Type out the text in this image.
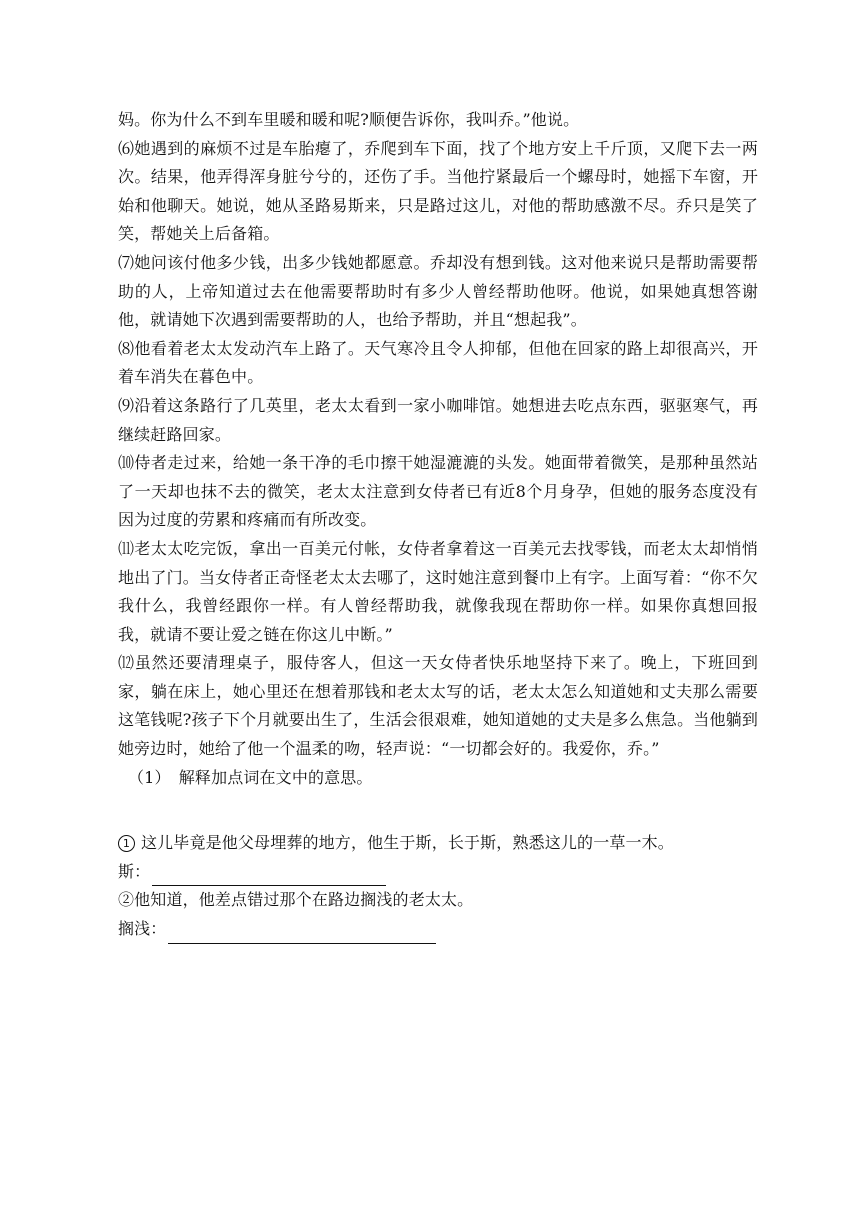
妈。你为什么不到车里暖和暖和呢?顺便告诉你，我叫乔。”他说。

⑹她遇到的麻烦不过是车胎瘪了，乔爬到车下面，找了个地方安上千斤顶，又爬下去一两次。结果，他弄得浑身脏兮兮的，还伤了手。当他拧紧最后一个螺母时，她摇下车窗，开始和他聊天。她说，她从圣路易斯来，只是路过这儿，对他的帮助感激不尽。乔只是笑了笑，帮她关上后备箱。

⑺她问该付他多少钱，出多少钱她都愿意。乔却没有想到钱。这对他来说只是帮助需要帮助的人，上帝知道过去在他需要帮助时有多少人曾经帮助他呀。他说，如果她真想答谢他，就请她下次遇到需要帮助的人，也给予帮助，并且“想起我”。

⑻他看着老太太发动汽车上路了。天气寒冷且令人抑郁，但他在回家的路上却很高兴，开着车消失在暮色中。

⑼沿着这条路行了几英里，老太太看到一家小咖啡馆。她想进去吃点东西，驱驱寒气，再继续赶路回家。

⑽侍者走过来，给她一条干净的毛巾擦干她湿漉漉的头发。她面带着微笑，是那种虽然站了一天却也抹不去的微笑，老太太注意到女侍者已有近8个月身孕，但她的服务态度没有因为过度的劳累和疼痛而有所改变。

⑾老太太吃完饭，拿出一百美元付帐，女侍者拿着这一百美元去找零钱，而老太太却悄悄地出了门。当女侍者正奇怪老太太去哪了，这时她注意到餐巾上有字。上面写着：“你不欠我什么，我曾经跟你一样。有人曾经帮助我，就像我现在帮助你一样。如果你真想回报我，就请不要让爱之链在你这儿中断。”

⑿虽然还要清理桌子，服侍客人，但这一天女侍者快乐地坚持下来了。晚上，下班回到家，躺在床上，她心里还在想着那钱和老太太写的话，老太太怎么知道她和丈夫那么需要这笔钱呢?孩子下个月就要出生了，生活会很艰难，她知道她的丈夫是多么焦急。当他躺到她旁边时，她给了他一个温柔的吻，轻声说：“一切都会好的。我爱你，乔。”

（1）　解释加点词在文中的意思。

1 这儿毕竟是他父母埋葬的地方，他生于斯，长于斯，熟悉这儿的一草一木。

斯：

②他知道，他差点错过那个在路边搁浅的老太太。

搁浅：
